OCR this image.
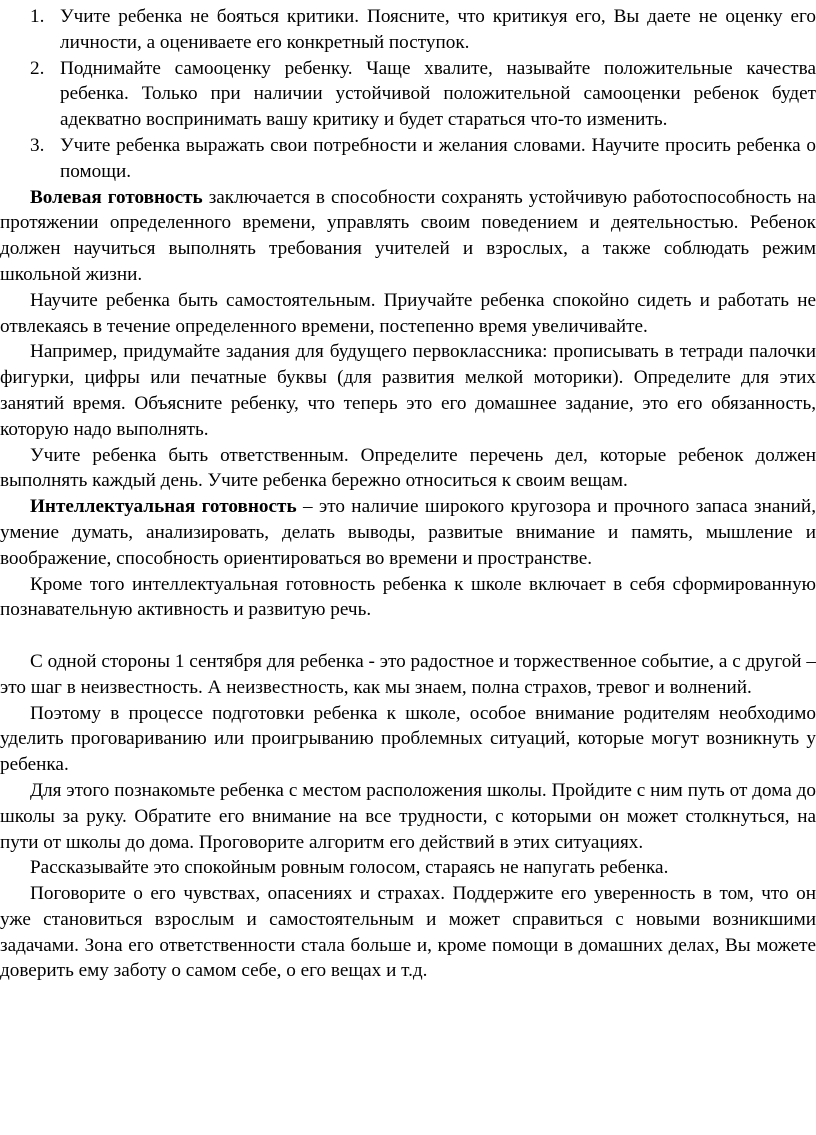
1. Учите ребенка не бояться критики. Поясните, что критикуя его, Вы даете не оценку его личности, а оцениваете его конкретный поступок.
2. Поднимайте самооценку ребенку. Чаще хвалите, называйте положительные качества ребенка. Только при наличии устойчивой положительной самооценки ребенок будет адекватно воспринимать вашу критику и будет стараться что-то изменить.
3. Учите ребенка выражать свои потребности и желания словами. Научите просить ребенка о помощи.

Волевая готовность заключается в способности сохранять устойчивую работоспособность на протяжении определенного времени, управлять своим поведением и деятельностью. Ребенок должен научиться выполнять требования учителей и взрослых, а также соблюдать режим школьной жизни.

Научите ребенка быть самостоятельным. Приучайте ребенка спокойно сидеть и работать не отвлекаясь в течение определенного времени, постепенно время увеличивайте.

Например, придумайте задания для будущего первоклассника: прописывать в тетради палочки фигурки, цифры или печатные буквы (для развития мелкой моторики). Определите для этих занятий время. Объясните ребенку, что теперь это его домашнее задание, это его обязанность, которую надо выполнять.

Учите ребенка быть ответственным. Определите перечень дел, которые ребенок должен выполнять каждый день. Учите ребенка бережно относиться к своим вещам.

Интеллектуальная готовность – это наличие широкого кругозора и прочного запаса знаний, умение думать, анализировать, делать выводы, развитые внимание и память, мышление и воображение, способность ориентироваться во времени и пространстве.

Кроме того интеллектуальная готовность ребенка к школе включает в себя сформированную познавательную активность и развитую речь.

С одной стороны 1 сентября для ребенка - это радостное и торжественное событие, а с другой – это шаг в неизвестность. А неизвестность, как мы знаем, полна страхов, тревог и волнений.

Поэтому в процессе подготовки ребенка к школе, особое внимание родителям необходимо уделить проговариванию или проигрыванию проблемных ситуаций, которые могут возникнуть у ребенка.

Для этого познакомьте ребенка с местом расположения школы. Пройдите с ним путь от дома до школы за руку. Обратите его внимание на все трудности, с которыми он может столкнуться, на пути от школы до дома. Проговорите алгоритм его действий в этих ситуациях.

Рассказывайте это спокойным ровным голосом, стараясь не напугать ребенка.

Поговорите о его чувствах, опасениях и страхах. Поддержите его уверенность в том, что он уже становиться взрослым и самостоятельным и может справиться с новыми возникшими задачами. Зона его ответственности стала больше и, кроме помощи в домашних делах, Вы можете доверить ему заботу о самом себе, о его вещах и т.д.
